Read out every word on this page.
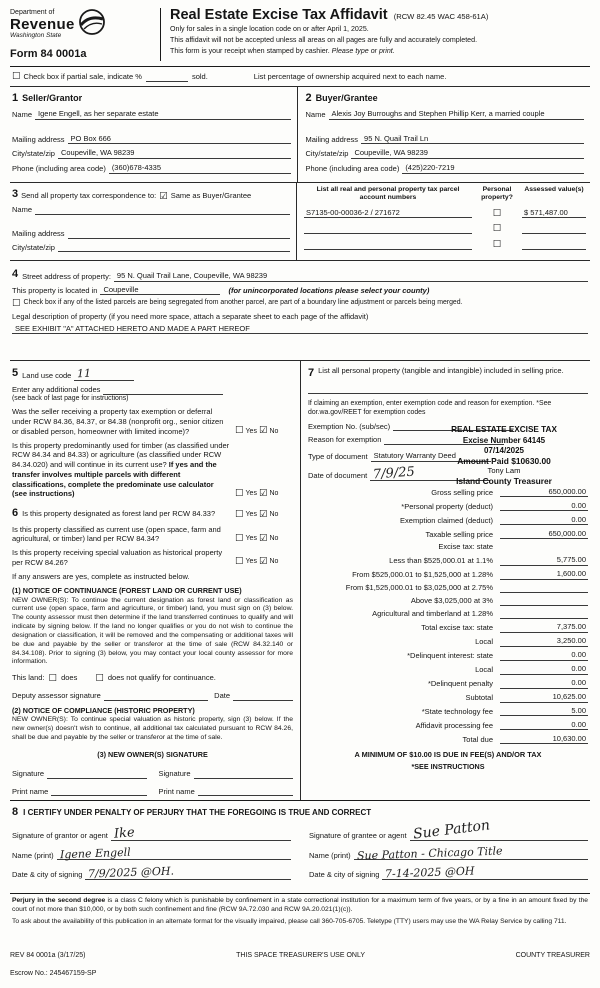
Department of
Revenue
Washington State
Form 84 0001a
Real Estate Excise Tax Affidavit (RCW 82.45 WAC 458-61A)
Only for sales in a single location code on or after April 1, 2025.
This affidavit will not be accepted unless all areas on all pages are fully and accurately completed.
This form is your receipt when stamped by cashier. Please type or print.
☐ Check box if partial sale, indicate %	sold.	List percentage of ownership acquired next to each name.
1 Seller/Grantor
Name Igene Engell, as her separate estate
Mailing address PO Box 666
City/state/zip Coupeville, WA 98239
Phone (including area code) (360)678-4335
2 Buyer/Grantee
Name Alexis Joy Burroughs and Stephen Phillip Kerr, a married couple
Mailing address 95 N. Quail Trail Ln
City/state/zip Coupeville, WA 98239
Phone (including area code) (425)220-7219
3 Send all property tax correspondence to: ☑ Same as Buyer/Grantee
Name
Mailing address
City/state/zip
List all real and personal property tax parcel account numbers
Personal property?
Assessed value(s)
S7135-00-00036-2 / 271672	☐	$ 571,487.00
☐
☐
4 Street address of property: 95 N. Quail Trail Lane, Coupeville, WA 98239
This property is located in Coupeville	(for unincorporated locations please select your county)
☐ Check box if any of the listed parcels are being segregated from another parcel, are part of a boundary line adjustment or parcels being merged.
Legal description of property (if you need more space, attach a separate sheet to each page of the affidavit)
SEE EXHIBIT "A" ATTACHED HERETO AND MADE A PART HEREOF
5 Land use code 11
Enter any additional codes
(see back of last page for instructions)
Was the seller receiving a property tax exemption or deferral under RCW 84.36, 84.37, or 84.38 (nonprofit org., senior citizen or disabled person, homeowner with limited income)?	☐ Yes ☑ No
Is this property predominantly used for timber (as classified under RCW 84.34 and 84.33) or agriculture (as classified under RCW 84.34.020) and will continue in its current use? If yes and the transfer involves multiple parcels with different classifications, complete the predominate use calculator (see instructions)	☐ Yes ☑ No
6 Is this property designated as forest land per RCW 84.33?	☐ Yes ☑ No
Is this property classified as current use (open space, farm and agricultural, or timber) land per RCW 84.34?	☐ Yes ☑ No
Is this property receiving special valuation as historical property per RCW 84.26?	☐ Yes ☑ No
If any answers are yes, complete as instructed below.
(1) NOTICE OF CONTINUANCE (FOREST LAND OR CURRENT USE)
NEW OWNER(S): To continue the current designation as forest land or classification as current use (open space, farm and agriculture, or timber) land, you must sign on (3) below. The county assessor must then determine if the land transferred continues to qualify and will indicate by signing below. If the land no longer qualifies or you do not wish to continue the designation or classification, it will be removed and the compensating or additional taxes will be due and payable by the seller or transferor at the time of sale (RCW 84.32.140 or 84.34.108). Prior to signing (3) below, you may contact your local county assessor for more information.
This land: ☐ does ☐ does not qualify for continuance.
Deputy assessor signature	Date
(2) NOTICE OF COMPLIANCE (HISTORIC PROPERTY)
NEW OWNER(S): To continue special valuation as historic property, sign (3) below. If the new owner(s) doesn't wish to continue, all additional tax calculated pursuant to RCW 84.26, shall be due and payable by the seller or transferor at the time of sale.
(3) NEW OWNER(S) SIGNATURE
Signature	Signature
Print name	Print name
7 List all personal property (tangible and intangible) included in selling price.
If claiming an exemption, enter exemption code and reason for exemption. *See dor.wa.gov/REET for exemption codes
Exemption No. (sub/sec)
Reason for exemption
REAL ESTATE EXCISE TAX
Excise Number 64145
07/14/2025
Amount Paid $10630.00
Tony Lam
Island County Treasurer
Type of document Statutory Warranty Deed
Date of document 7/9/25
Gross selling price	650,000.00
*Personal property (deduct)	0.00
Exemption claimed (deduct)	0.00
Taxable selling price	650,000.00
Excise tax: state
Less than $525,000.01 at 1.1%	5,775.00
From $525,000.01 to $1,525,000 at 1.28%	1,600.00
From $1,525,000.01 to $3,025,000 at 2.75%
Above $3,025,000 at 3%
Agricultural and timberland at 1.28%
Total excise tax: state	7,375.00
Local	3,250.00
*Delinquent interest: state	0.00
Local	0.00
*Delinquent penalty	0.00
Subtotal	10,625.00
*State technology fee	5.00
Affidavit processing fee	0.00
Total due	10,630.00
A MINIMUM OF $10.00 IS DUE IN FEE(S) AND/OR TAX
*SEE INSTRUCTIONS
8 I CERTIFY UNDER PENALTY OF PERJURY THAT THE FOREGOING IS TRUE AND CORRECT
Signature of grantor or agent Ike
Name (print) Igene Engell
Date & city of signing 7/9/2025 @OH.
Signature of grantee or agent Sue Patton
Name (print) Sue Patton - Chicago Title
Date & city of signing 7-14-2025 @OH
Perjury in the second degree is a class C felony which is punishable by confinement in a state correctional institution for a maximum term of five years, or by a fine in an amount fixed by the court of not more than $10,000, or by both such confinement and fine (RCW 9A.72.030 and RCW 9A.20.021(1)(c)).
To ask about the availability of this publication in an alternate format for the visually impaired, please call 360-705-6705. Teletype (TTY) users may use the WA Relay Service by calling 711.
REV 84 0001a (3/17/25)	THIS SPACE TREASURER'S USE ONLY	COUNTY TREASURER
Escrow No.: 245467159-SP
